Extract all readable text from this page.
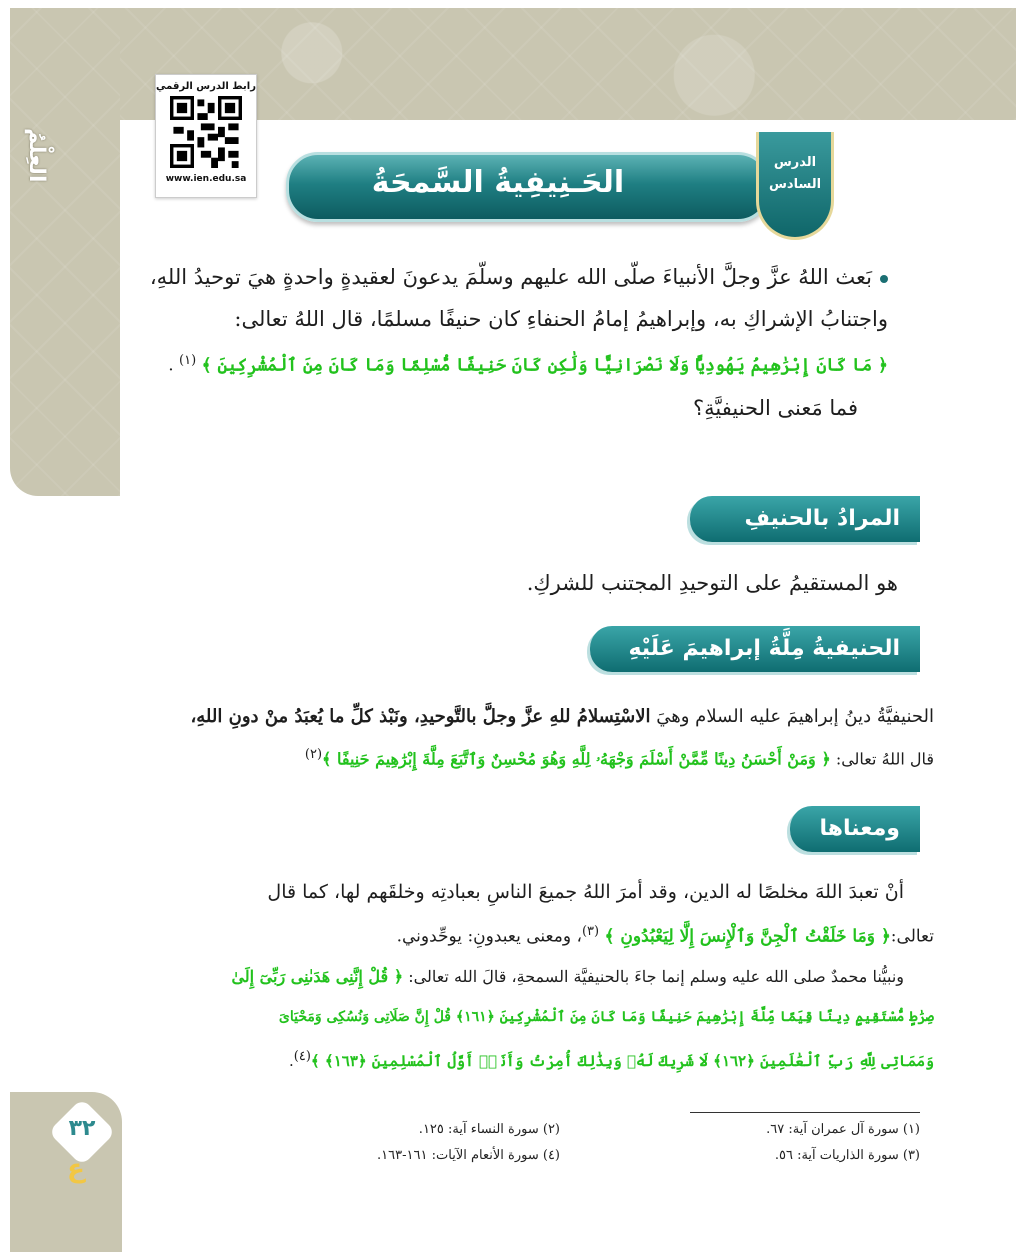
العِلْمُ
رابط الدرس الرقمي
www.ien.edu.sa	الحَـنِيفِيةُ السَّمحَةُ
الدرس
السادس
بَعث اللهُ عزَّ وجلَّ الأنبياءَ صلّى الله عليهم وسلّمَ يدعونَ لعقيدةٍ واحدةٍ هيَ توحيدُ اللهِ،
واجتنابُ الإشراكِ به، وإبراهيمُ إمامُ الحنفاءِ كان حنيفًا مسلمًا، قال اللهُ تعالى:
﴿ مَا كَانَ إِبْرَٰهِيمُ يَهُودِيًّا وَلَا نَصْرَانِيًّا وَلَٰكِن كَانَ حَنِيفًا مُّسْلِمًا وَمَا كَانَ مِنَ ٱلْمُشْرِكِينَ ﴾ $^{(١)}$ .
فما مَعنى الحنيفيَّةِ؟
المرادُ بالحنيفِ
هو المستقيمُ على التوحيدِ المجتنب للشركِ.
الحنيفيةُ مِلَّةُ إبراهيمَ عَلَيْهِ السَّلَامُ
الحنيفيَّةُ دينُ إبراهيمَ عليه السلام وهيَ الاسْتِسلامُ للهِ عزَّ وجلَّ بالتَّوحيدِ، ونَبْذ كلِّ ما يُعبَدُ منْ دونِ اللهِ،
قال اللهُ تعالى: ﴿ وَمَنْ أَحْسَنُ دِينًا مِّمَّنْ أَسْلَمَ وَجْهَهُۥ لِلَّهِ وَهُوَ مُحْسِنٌ وَٱتَّبَعَ مِلَّةَ إِبْرَٰهِيمَ حَنِيفًا ﴾$^{(٢)}$
ومعناها
أنْ تعبدَ اللهَ مخلصًا له الدين، وقد أمرَ اللهُ جميعَ الناسِ بعبادتِه وخلقَهم لها، كما قال
تعالى:﴿ وَمَا خَلَقْتُ ٱلْجِنَّ وَٱلْإِنسَ إِلَّا لِيَعْبُدُونِ ﴾ $^{(٣)}$، ومعنى يعبدونِ: يوحِّدوني.
ونبيُّنا محمدٌ صلى الله عليه وسلم إنما جاءَ بالحنيفيَّة السمحةِ، قالَ الله تعالى: ﴿ قُلْ إِنَّنِى هَدَىٰنِى رَبِّىٓ إِلَىٰ
صِرَٰطٍ مُّسْتَقِيمٍ دِينًا قِيَمًا مِّلَّةَ إِبْرَٰهِيمَ حَنِيفًا وَمَا كَانَ مِنَ ٱلْمُشْرِكِينَ ﴿١٦١﴾ قُلْ إِنَّ صَلَاتِى وَنُسُكِى وَمَحْيَاىَ
وَمَمَاتِى لِلَّهِ رَبِّ ٱلْعَٰلَمِينَ ﴿١٦٢﴾ لَا شَرِيكَ لَهُۥ وَبِذَٰلِكَ أُمِرْتُ وَأَنَا۠ أَوَّلُ ٱلْمُسْلِمِينَ ﴿١٦٣﴾ ﴾(٤).
(١) سورة آل عمران آية: ٦٧.
(٢) سورة النساء آية: ١٢٥.
(٣) سورة الذاريات آية: ٥٦.
(٤) سورة الأنعام الآيات: ١٦١-١٦٣.
٣٢
ع
